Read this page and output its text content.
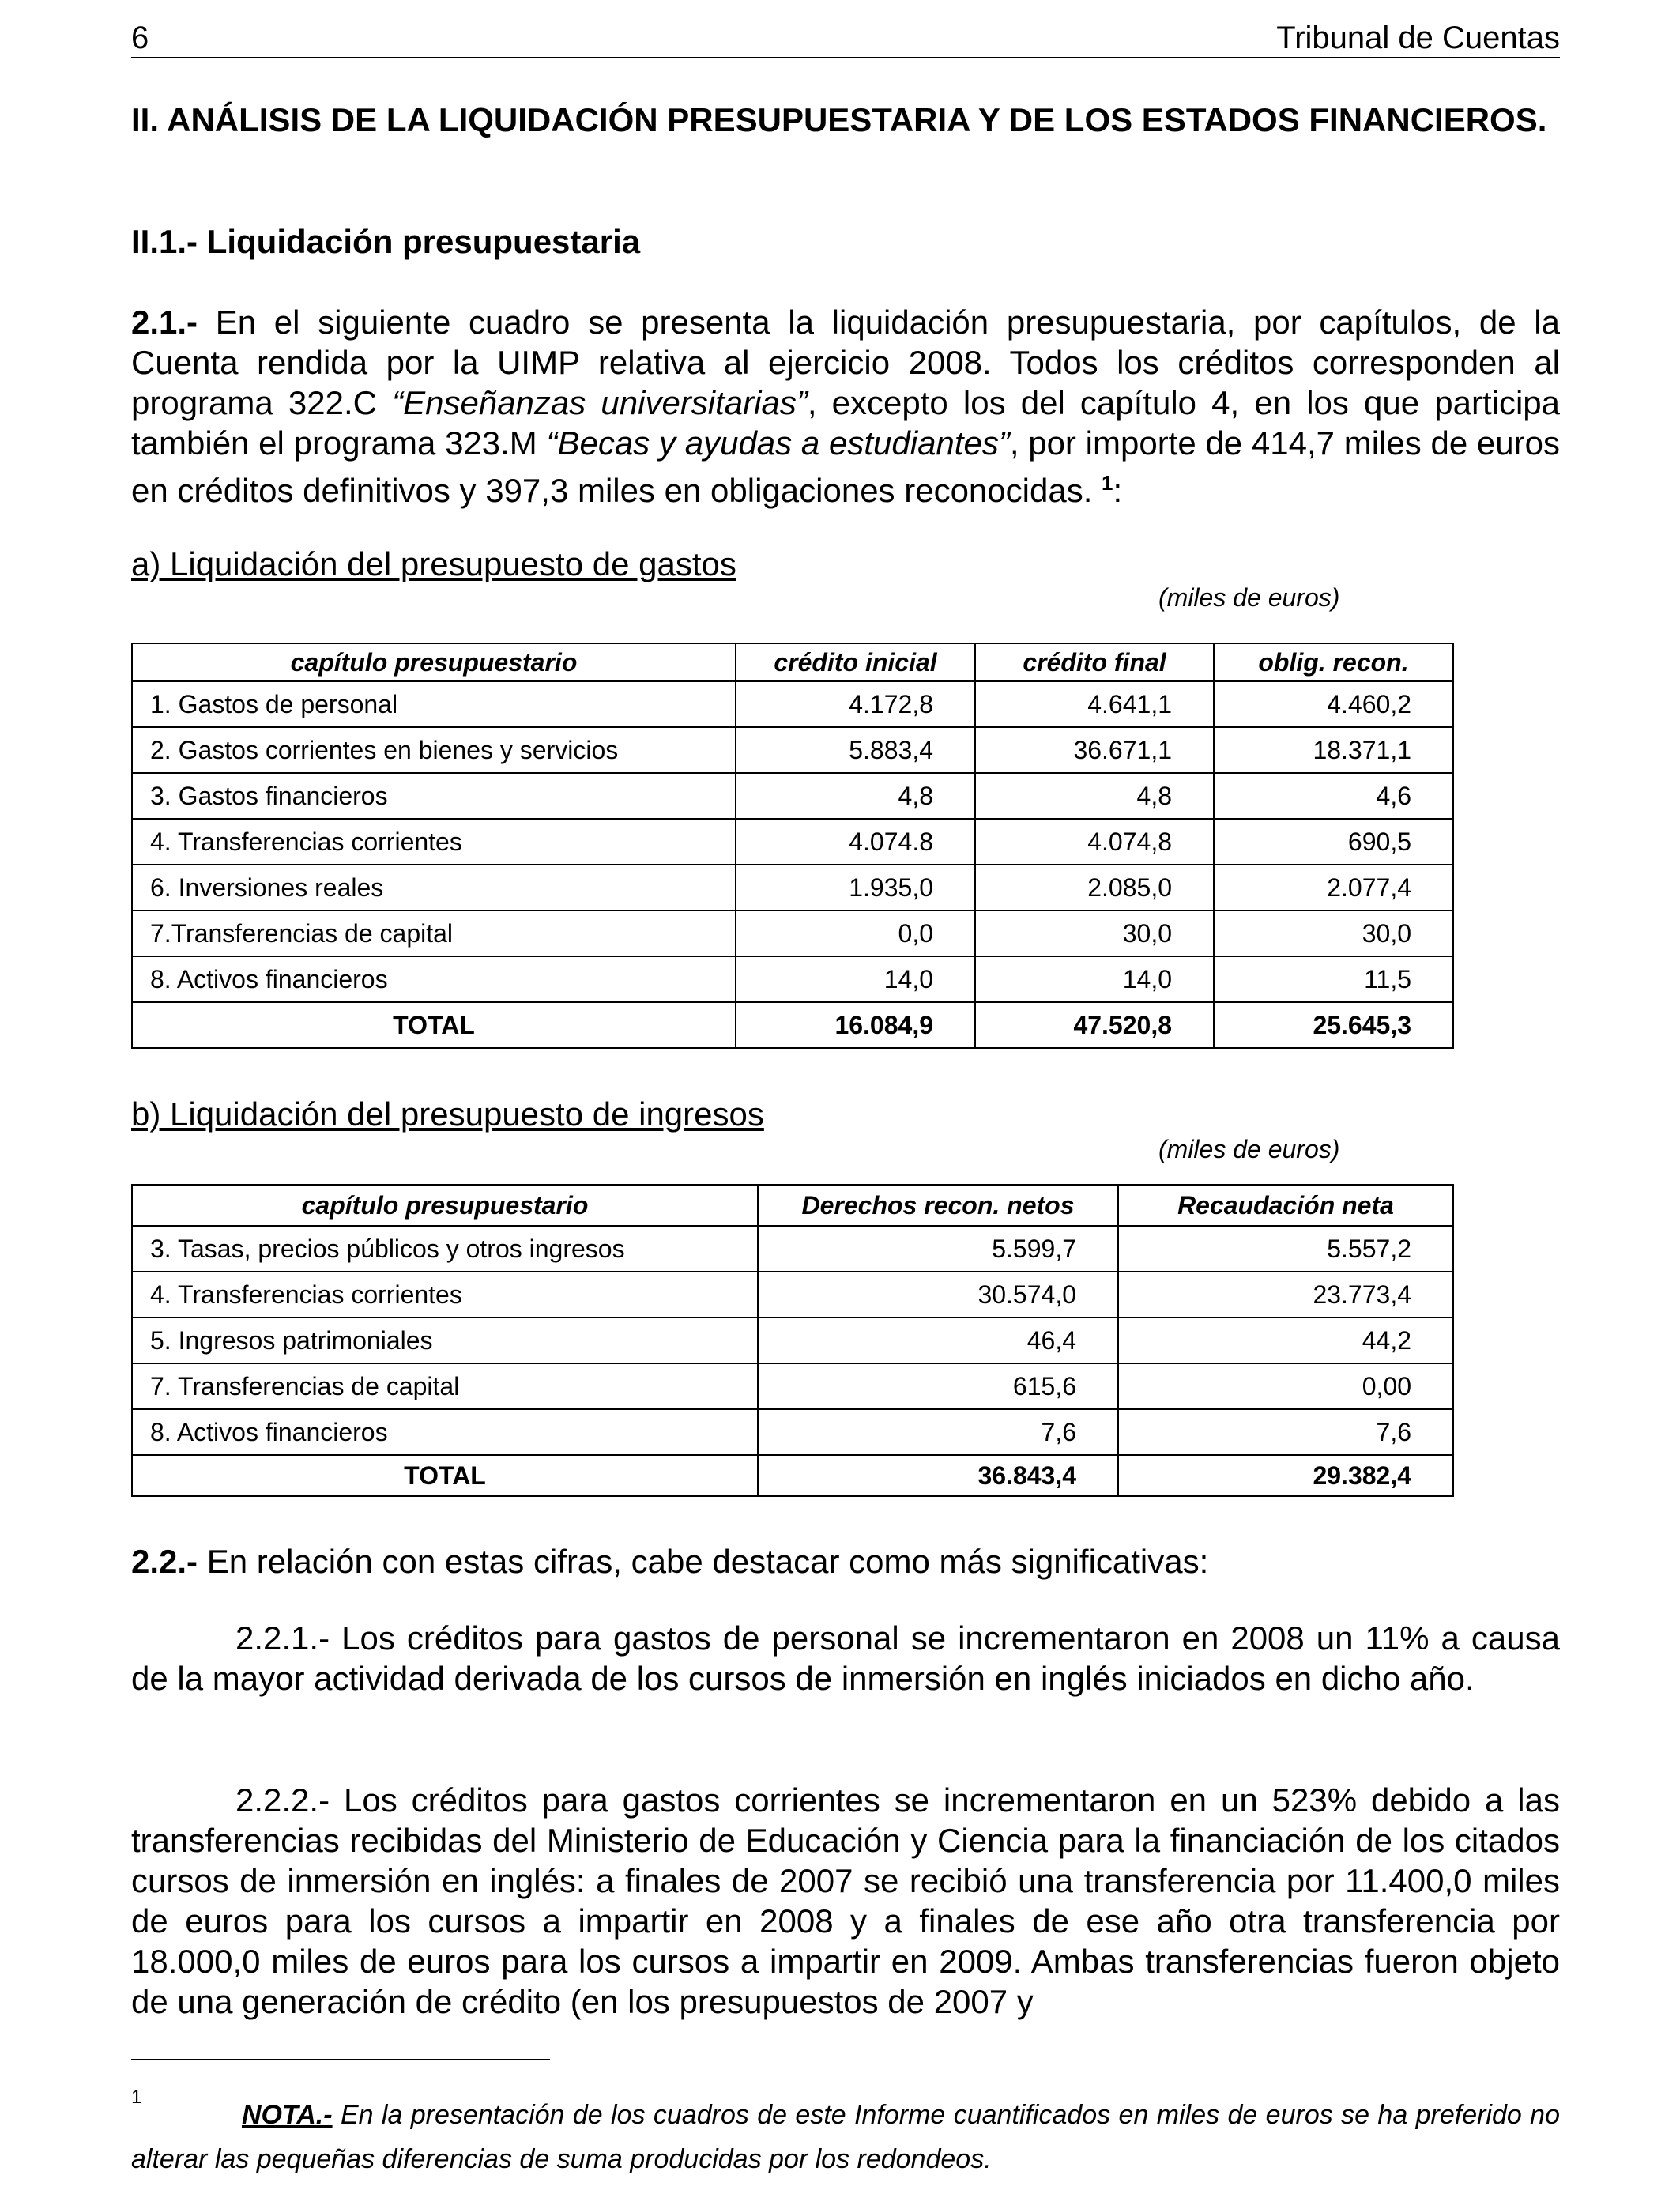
6	Tribunal de Cuentas
II. ANÁLISIS DE LA LIQUIDACIÓN PRESUPUESTARIA Y DE LOS ESTADOS FINANCIEROS.
II.1.- Liquidación presupuestaria
2.1.- En el siguiente cuadro se presenta la liquidación presupuestaria, por capítulos, de la Cuenta rendida por la UIMP relativa al ejercicio 2008. Todos los créditos corresponden al programa 322.C “Enseñanzas universitarias”, excepto los del capítulo 4, en los que participa también el programa 323.M “Becas y ayudas a estudiantes”, por importe de 414,7 miles de euros en créditos definitivos y 397,3 miles en obligaciones reconocidas. $^1$:
a) Liquidación del presupuesto de gastos
(miles de euros)
capítulo presupuestario	crédito inicial	crédito final	oblig. recon.
1. Gastos de personal	4.172,8	4.641,1	4.460,2
2. Gastos corrientes en bienes y servicios	5.883,4	36.671,1	18.371,1
3. Gastos financieros	4,8	4,8	4,6
4. Transferencias corrientes	4.074.8	4.074,8	690,5
6. Inversiones reales	1.935,0	2.085,0	2.077,4
7.Transferencias de capital	0,0	30,0	30,0
8. Activos financieros	14,0	14,0	11,5
TOTAL	16.084,9	47.520,8	25.645,3
b) Liquidación del presupuesto de ingresos
(miles de euros)
capítulo presupuestario	Derechos recon. netos	Recaudación neta
3. Tasas, precios públicos y otros ingresos	5.599,7	5.557,2
4. Transferencias corrientes	30.574,0	23.773,4
5. Ingresos patrimoniales	46,4	44,2
7. Transferencias de capital	615,6	0,00
8. Activos financieros	7,6	7,6
TOTAL	36.843,4	29.382,4
2.2.- En relación con estas cifras, cabe destacar como más significativas:
2.2.1.- Los créditos para gastos de personal se incrementaron en 2008 un 11% a causa de la mayor actividad derivada de los cursos de inmersión en inglés iniciados en dicho año.
2.2.2.- Los créditos para gastos corrientes se incrementaron en un 523% debido a las transferencias recibidas del Ministerio de Educación y Ciencia para la financiación de los citados cursos de inmersión en inglés: a finales de 2007 se recibió una transferencia por 11.400,0 miles de euros para los cursos a impartir en 2008 y a finales de ese año otra transferencia por 18.000,0 miles de euros para los cursos a impartir en 2009. Ambas transferencias fueron objeto de una generación de crédito (en los presupuestos de 2007 y
1
NOTA.- En la presentación de los cuadros de este Informe cuantificados en miles de euros se ha preferido no alterar las pequeñas diferencias de suma producidas por los redondeos.
